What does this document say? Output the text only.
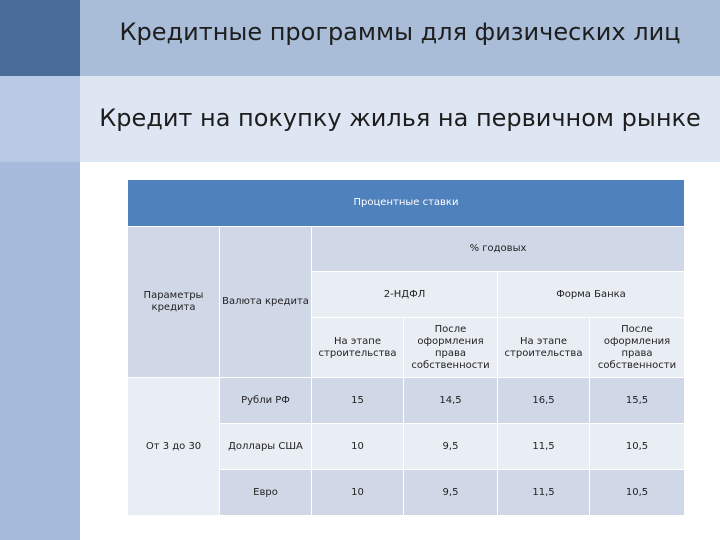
Кредитные программы для физических лиц
Кредит на покупку жилья на первичном рынке
Процентные ставки					
Параметры кредита	Валюта кредита	% годовых			
		2-НДФЛ		Форма Банка	
		На этапе строительства	После оформления права собственности	На этапе строительства	После оформления права собственности
От 3 до 30	Рубли РФ	15	14,5	16,5	15,5
	Доллары США	10	9,5	11,5	10,5
	Евро	10	9,5	11,5	10,5
